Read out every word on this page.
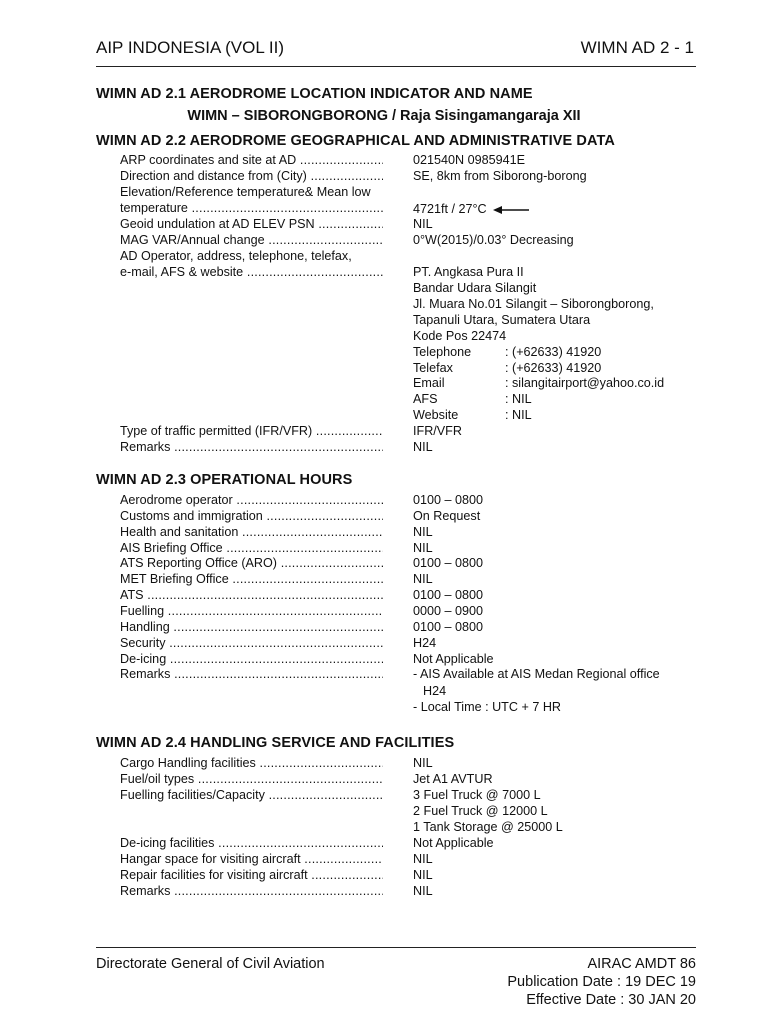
AIP INDONESIA (VOL II)	WIMN AD 2 - 1
WIMN AD 2.1 AERODROME LOCATION INDICATOR AND NAME
WIMN – SIBORONGBORONG / Raja Sisingamangaraja XII
WIMN AD 2.2 AERODROME GEOGRAPHICAL AND ADMINISTRATIVE DATA
ARP coordinates and site at AD .....	021540N 0985941E
Direction and distance from (City) .....	SE, 8km from Siborong-borong
Elevation/Reference temperature& Mean low
temperature .....	4721ft / 27°C
Geoid undulation at AD ELEV PSN .....	NIL
MAG VAR/Annual change .....	0°W(2015)/0.03° Decreasing
AD Operator, address, telephone, telefax,
e-mail, AFS & website .....	PT. Angkasa Pura II
Bandar Udara Silangit
Jl. Muara No.01 Silangit – Siborongborong,
Tapanuli Utara, Sumatera Utara
Kode Pos 22474
Telephone	: (+62633) 41920
Telefax	: (+62633) 41920
Email	: silangitairport@yahoo.co.id
AFS	: NIL
Website	: NIL
Type of traffic permitted (IFR/VFR) .....	IFR/VFR
Remarks .....	NIL
WIMN AD 2.3 OPERATIONAL HOURS
Aerodrome operator .....	0100 – 0800
Customs and immigration .....	On Request
Health and sanitation .....	NIL
AIS Briefing Office .....	NIL
ATS Reporting Office (ARO) .....	0100 – 0800
MET Briefing Office .....	NIL
ATS .....	0100 – 0800
Fuelling .....	0000 – 0900
Handling .....	0100 – 0800
Security .....	H24
De-icing .....	Not Applicable
Remarks .....	- AIS Available at AIS Medan Regional office
H24
- Local Time : UTC + 7 HR
WIMN AD 2.4 HANDLING SERVICE AND FACILITIES
Cargo Handling facilities .....	NIL
Fuel/oil types .....	Jet A1 AVTUR
Fuelling facilities/Capacity .....	3 Fuel Truck @ 7000 L
2 Fuel Truck @ 12000 L
1 Tank Storage @ 25000 L
De-icing facilities .....	Not Applicable
Hangar space for visiting aircraft .....	NIL
Repair facilities for visiting aircraft .....	NIL
Remarks .....	NIL
Directorate General of Civil Aviation	AIRAC AMDT 86
Publication Date : 19 DEC 19
Effective Date : 30 JAN 20
